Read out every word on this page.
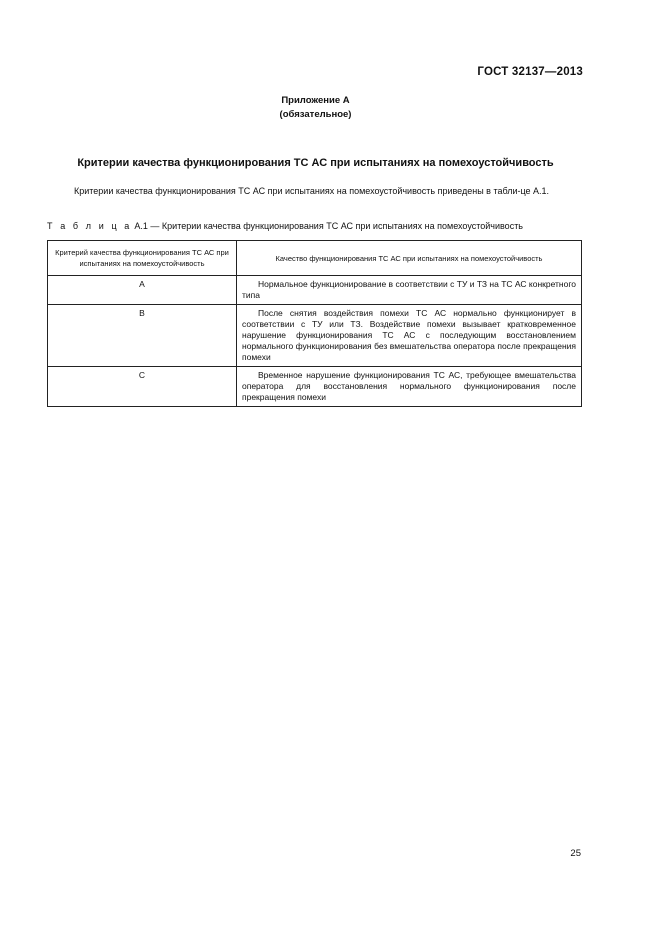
ГОСТ 32137—2013
Приложение А
(обязательное)
Критерии качества функционирования ТС АС при испытаниях на помехоустойчивость

Критерии качества функционирования ТС АС при испытаниях на помехоустойчивость приведены в табли-це А.1.

Т а б л и ц а А.1 — Критерии качества функционирования ТС АС при испытаниях на помехоустойчивость
Критерий качества функционирования ТС АС при испытаниях на помехоустойчивость	Качество функционирования ТС АС при испытаниях на помехоустойчивость
А	Нормальное функционирование в соответствии с ТУ и ТЗ на ТС АС конкретного типа
В	После снятия воздействия помехи ТС АС нормально функционирует в соответствии с ТУ или ТЗ. Воздействие помехи вызывает кратковременное нарушение функционирования ТС АС с последующим восстановлением нормального функционирования без вмешательства оператора после прекращения помехи
С	Временное нарушение функционирования ТС АС, требующее вмешательства оператора для восстановления нормального функционирования после прекращения помехи
25
